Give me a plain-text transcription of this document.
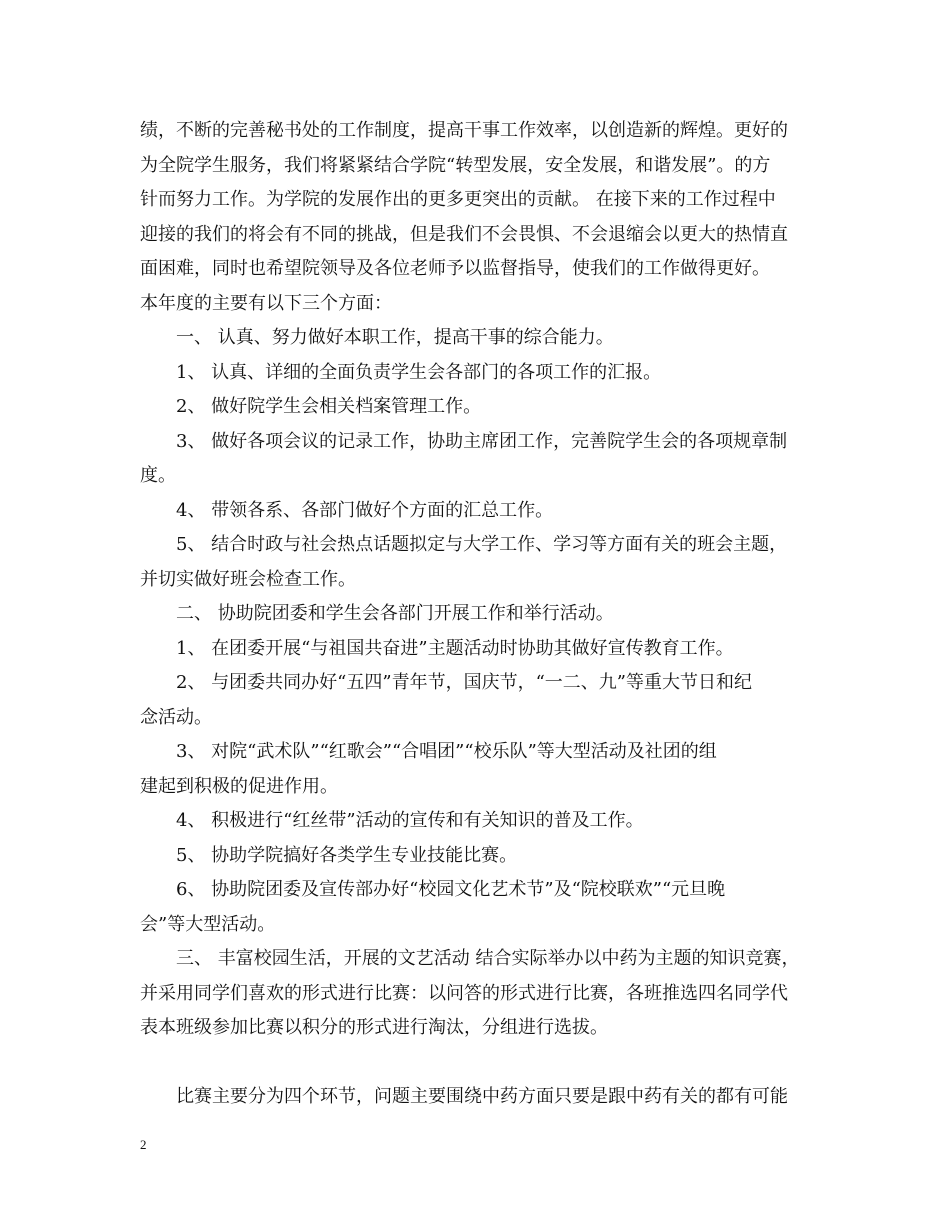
绩，不断的完善秘书处的工作制度，提高干事工作效率，以创造新的辉煌。更好的

为全院学生服务，我们将紧紧结合学院“转型发展，安全发展，和谐发展”。的方

针而努力工作。为学院的发展作出的更多更突出的贡献。 在接下来的工作过程中

迎接的我们的将会有不同的挑战，但是我们不会畏惧、不会退缩会以更大的热情直

面困难，同时也希望院领导及各位老师予以监督指导，使我们的工作做得更好。

本年度的主要有以下三个方面：

一、 认真、努力做好本职工作，提高干事的综合能力。

1、 认真、详细的全面负责学生会各部门的各项工作的汇报。

2、 做好院学生会相关档案管理工作。

3、 做好各项会议的记录工作，协助主席团工作，完善院学生会的各项规章制

度。

4、 带领各系、各部门做好个方面的汇总工作。

5、 结合时政与社会热点话题拟定与大学工作、学习等方面有关的班会主题，

并切实做好班会检查工作。

二、 协助院团委和学生会各部门开展工作和举行活动。

1、 在团委开展“与祖国共奋进”主题活动时协助其做好宣传教育工作。

2、 与团委共同办好“五四”青年节，国庆节，“一二、九”等重大节日和纪

念活动。

3、 对院“武术队”“红歌会”“合唱团”“校乐队”等大型活动及社团的组

建起到积极的促进作用。

4、 积极进行“红丝带”活动的宣传和有关知识的普及工作。

5、 协助学院搞好各类学生专业技能比赛。

6、 协助院团委及宣传部办好“校园文化艺术节”及“院校联欢”“元旦晚

会”等大型活动。

三、 丰富校园生活，开展的文艺活动 结合实际举办以中药为主题的知识竞赛，

并采用同学们喜欢的形式进行比赛：以问答的形式进行比赛，各班推选四名同学代

表本班级参加比赛以积分的形式进行淘汰，分组进行选拔。

比赛主要分为四个环节，问题主要围绕中药方面只要是跟中药有关的都有可能

2
